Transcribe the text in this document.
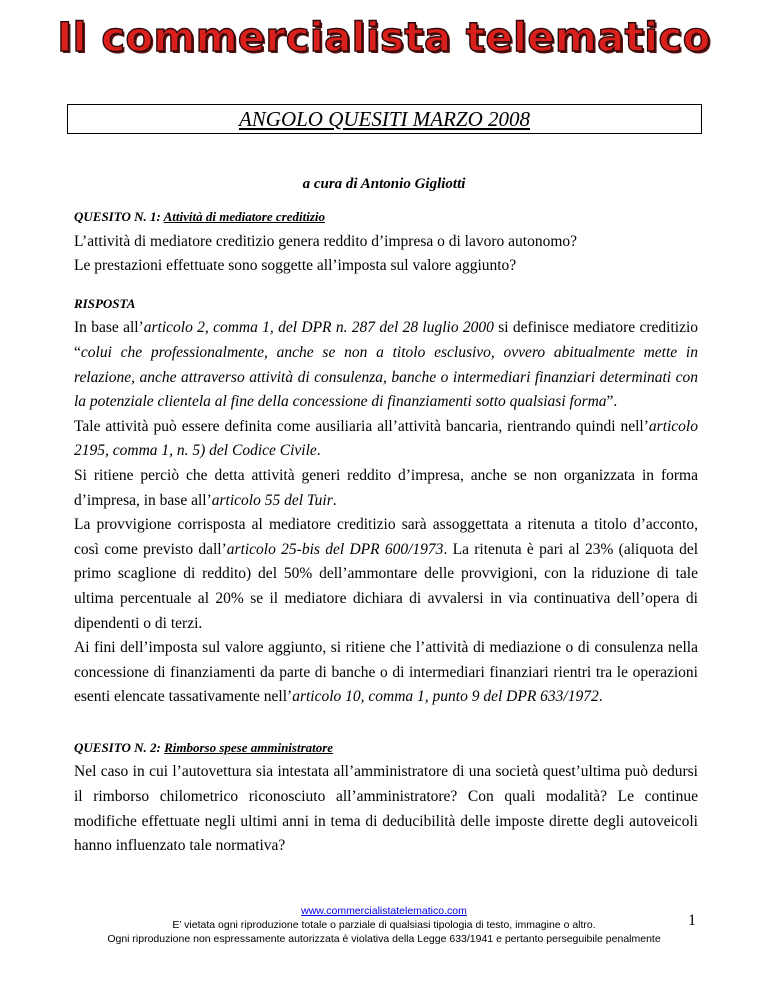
Il commercialista telematico
ANGOLO QUESITI MARZO 2008
a cura di Antonio Gigliotti

QUESITO N. 1: Attività di mediatore creditizio

L’attività di mediatore creditizio genera reddito d’impresa o di lavoro autonomo?

Le prestazioni effettuate sono soggette all’imposta sul valore aggiunto?

RISPOSTA

In base all’articolo 2, comma 1, del DPR n. 287 del 28 luglio 2000 si definisce mediatore creditizio “colui che professionalmente, anche se non a titolo esclusivo, ovvero abitualmente mette in relazione, anche attraverso attività di consulenza, banche o intermediari finanziari determinati con la potenziale clientela al fine della concessione di finanziamenti sotto qualsiasi forma”.

Tale attività può essere definita come ausiliaria all’attività bancaria, rientrando quindi nell’articolo 2195, comma 1, n. 5) del Codice Civile.

Si ritiene perciò che detta attività generi reddito d’impresa, anche se non organizzata in forma d’impresa, in base all’articolo 55 del Tuir.

La provvigione corrisposta al mediatore creditizio sarà assoggettata a ritenuta a titolo d’acconto, così come previsto dall’articolo 25-bis del DPR 600/1973. La ritenuta è pari al 23% (aliquota del primo scaglione di reddito) del 50% dell’ammontare delle provvigioni, con la riduzione di tale ultima percentuale al 20% se il mediatore dichiara di avvalersi in via continuativa dell’opera di dipendenti o di terzi.

Ai fini dell’imposta sul valore aggiunto, si ritiene che l’attività di mediazione o di consulenza nella concessione di finanziamenti da parte di banche o di intermediari finanziari rientri tra le operazioni esenti elencate tassativamente nell’articolo 10, comma 1, punto 9 del DPR 633/1972.

QUESITO N. 2: Rimborso spese amministratore

Nel caso in cui l’autovettura sia intestata all’amministratore di una società quest’ultima può dedursi il rimborso chilometrico riconosciuto all’amministratore? Con quali modalità? Le continue modifiche effettuate negli ultimi anni in tema di deducibilità delle imposte dirette degli autoveicoli hanno influenzato tale normativa?

www.commercialistatelematico.com
E’ vietata ogni riproduzione totale o parziale di qualsiasi tipologia di testo, immagine o altro.
Ogni riproduzione non espressamente autorizzata è violativa della Legge 633/1941 e pertanto perseguibile penalmente
1
